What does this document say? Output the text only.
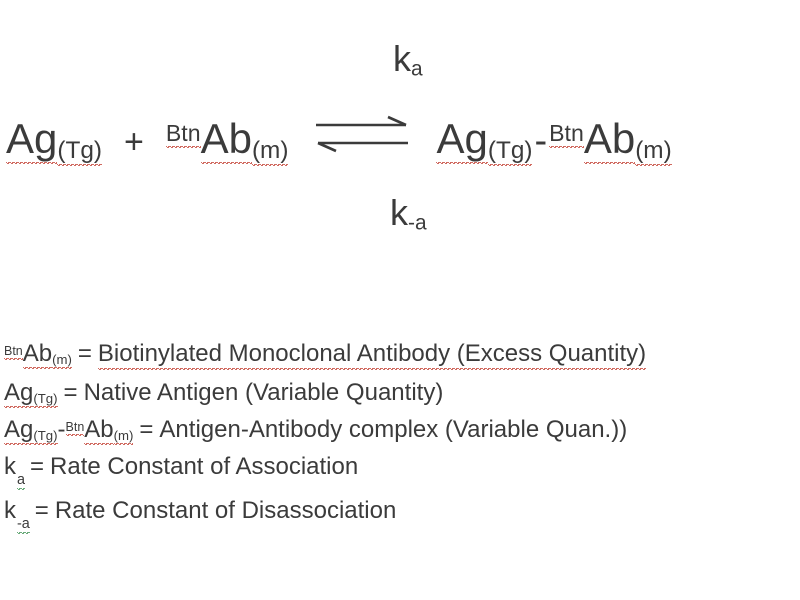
$k_a$
$Ag_{(Tg)} + ^{Btn}Ab_{(m)}$ ⇌ $Ag_{(Tg)} - ^{Btn}Ab_{(m)}$
$k_{-a}$
$^{Btn}$Ab(m) = Biotinylated Monoclonal Antibody (Excess Quantity)
Ag(Tg) = Native Antigen (Variable Quantity)
Ag(Tg)-$^{Btn}$Ab(m) = Antigen-Antibody complex (Variable Quan.))
$k_a$ = Rate Constant of Association
$k_{-a}$ = Rate Constant of Disassociation
